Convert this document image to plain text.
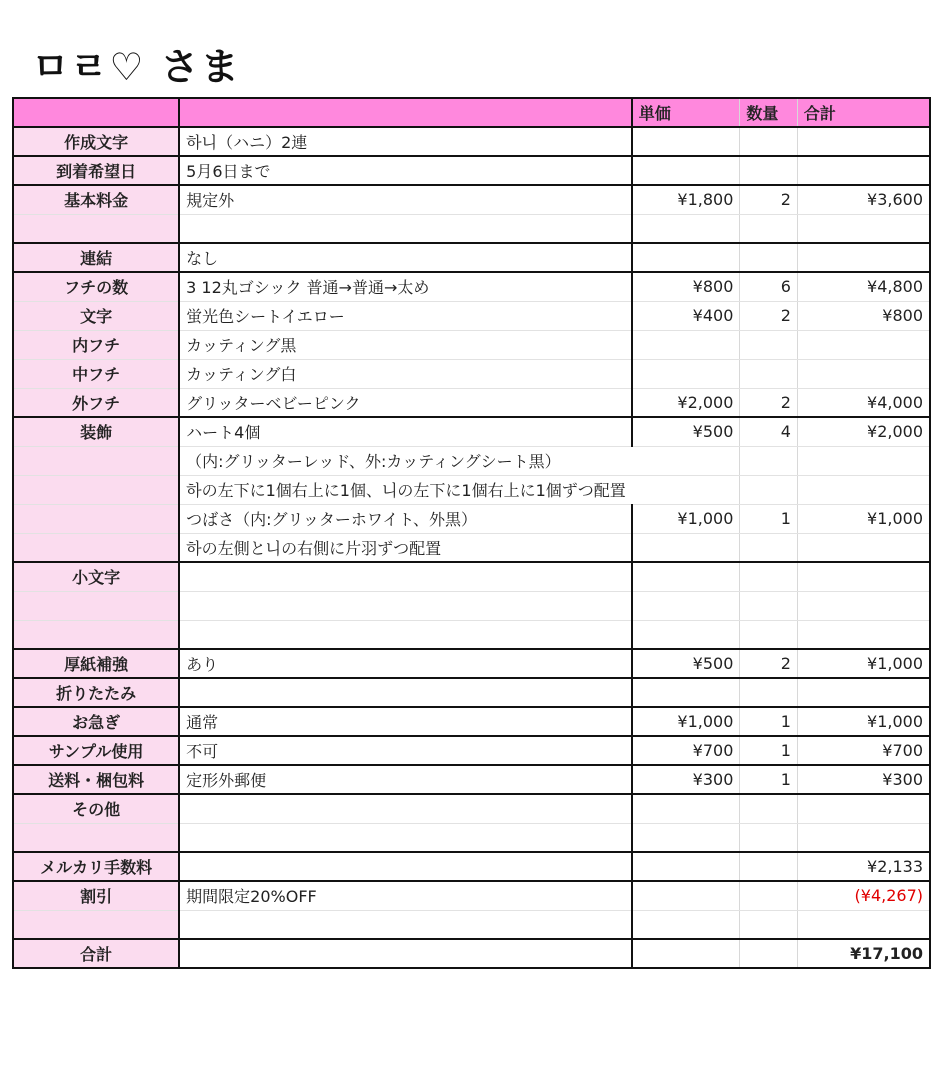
ㅁㄹ♡ さま
		単価	数量	合計
作成文字	하니（ハニ）2連			
到着希望日	5月6日まで			
基本料金	規定外	¥1,800	2	¥3,600

連結	なし			
フチの数	3 12丸ゴシック 普通→普通→太め	¥800	6	¥4,800
文字	蛍光色シートイエロー	¥400	2	¥800
内フチ	カッティング黒			
中フチ	カッティング白			
外フチ	グリッターベビーピンク	¥2,000	2	¥4,000
装飾	ハート4個	¥500	4	¥2,000
	（内:グリッターレッド、外:カッティングシート黒）			
	하の左下に1個右上に1個、니の左下に1個右上に1個ずつ配置			
	つばさ（内:グリッターホワイト、外黒）	¥1,000	1	¥1,000
	하の左側と니の右側に片羽ずつ配置			
小文字				

厚紙補強	あり	¥500	2	¥1,000
折りたたみ				
お急ぎ	通常	¥1,000	1	¥1,000
サンプル使用	不可	¥700	1	¥700
送料・梱包料	定形外郵便	¥300	1	¥300
その他				

メルカリ手数料				¥2,133
割引	期間限定20%OFF			(¥4,267)

合計				¥17,100
